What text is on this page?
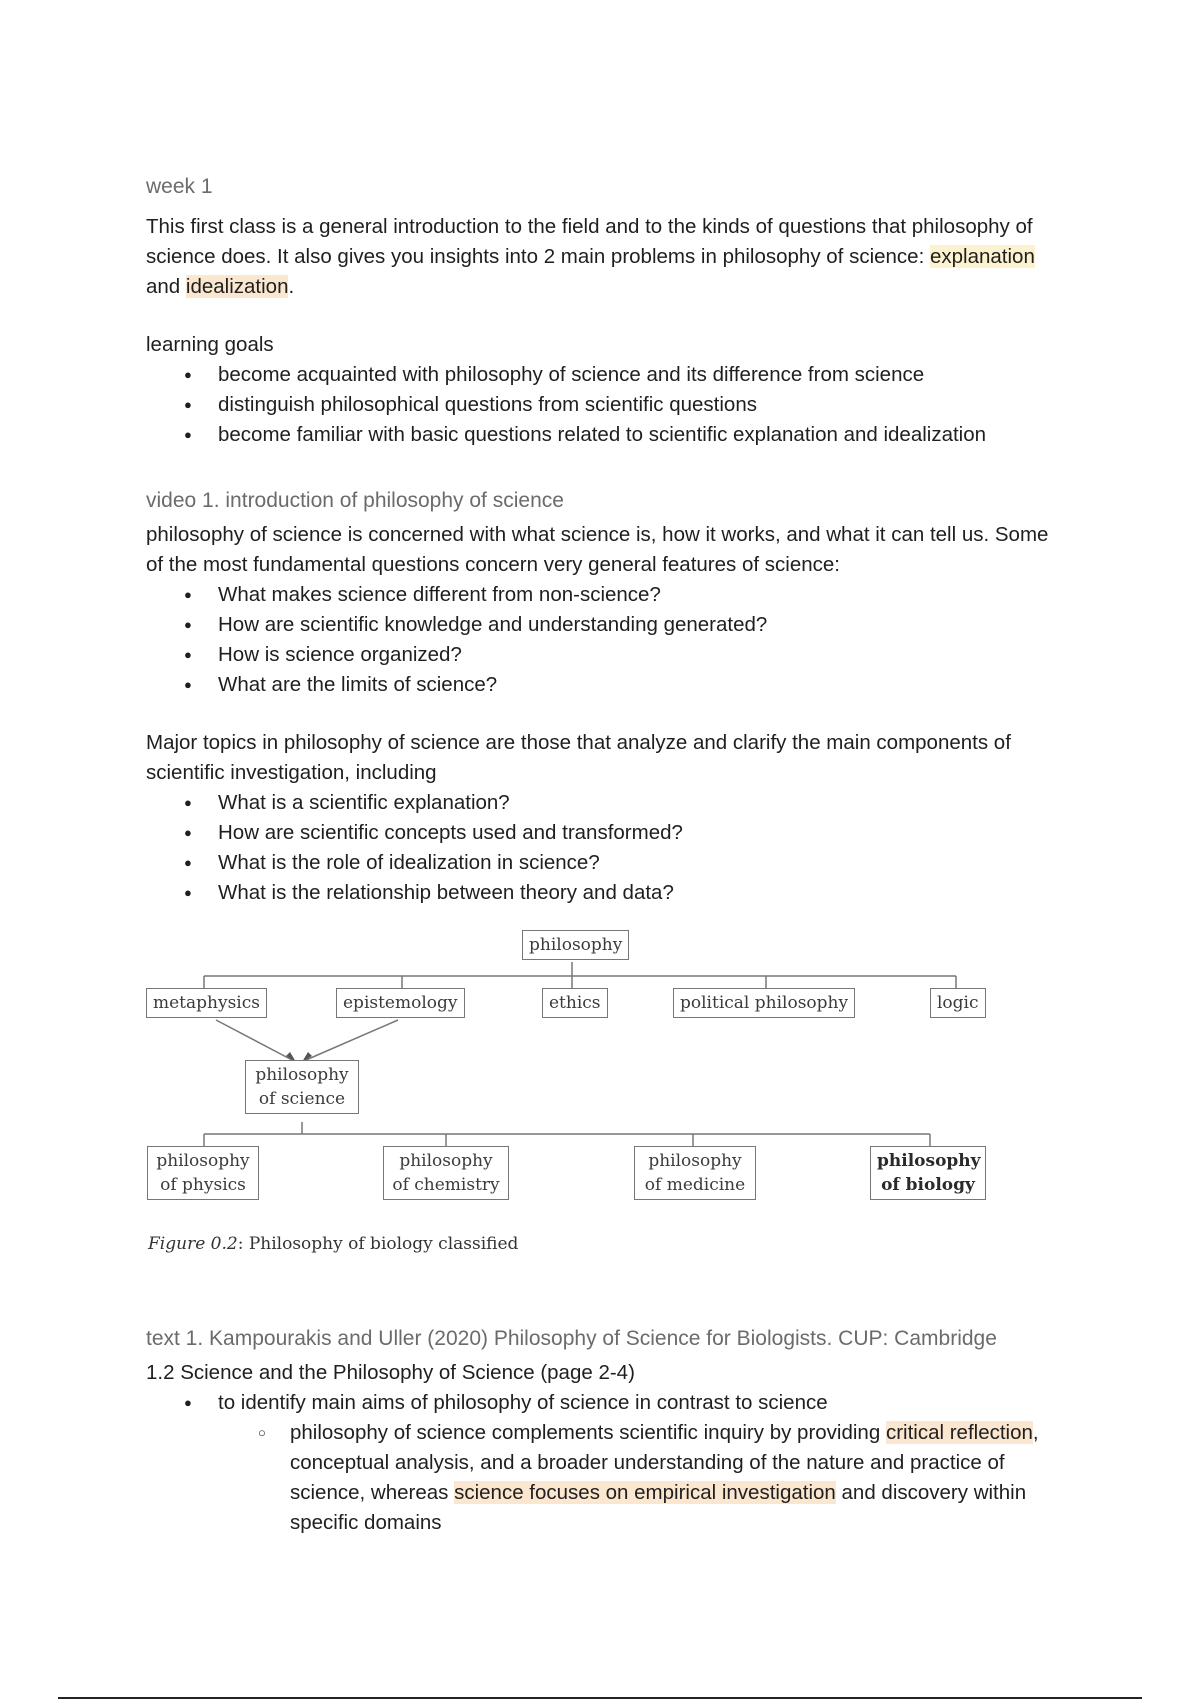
week 1

This first class is a general introduction to the field and to the kinds of questions that philosophy of science does. It also gives you insights into 2 main problems in philosophy of science: explanation and idealization.

learning goals

● become acquainted with philosophy of science and its difference from science
● distinguish philosophical questions from scientific questions
● become familiar with basic questions related to scientific explanation and idealization

video 1. introduction of philosophy of science

philosophy of science is concerned with what science is, how it works, and what it can tell us. Some of the most fundamental questions concern very general features of science:

● What makes science different from non-science?
● How are scientific knowledge and understanding generated?
● How is science organized?
● What are the limits of science?

Major topics in philosophy of science are those that analyze and clarify the main components of scientific investigation, including

● What is a scientific explanation?
● How are scientific concepts used and transformed?
● What is the role of idealization in science?
● What is the relationship between theory and data?
philosophy
metaphysics	epistemology	ethics	political philosophy	logic
philosophy
of science
philosophy
of physics
philosophy
of chemistry
philosophy
of medicine
philosophy
of biology
Figure 0.2: Philosophy of biology classified

text 1. Kampourakis and Uller (2020) Philosophy of Science for Biologists. CUP: Cambridge

1.2 Science and the Philosophy of Science (page 2-4)

● to identify main aims of philosophy of science in contrast to science
○ philosophy of science complements scientific inquiry by providing critical reflection, conceptual analysis, and a broader understanding of the nature and practice of science, whereas science focuses on empirical investigation and discovery within specific domains
